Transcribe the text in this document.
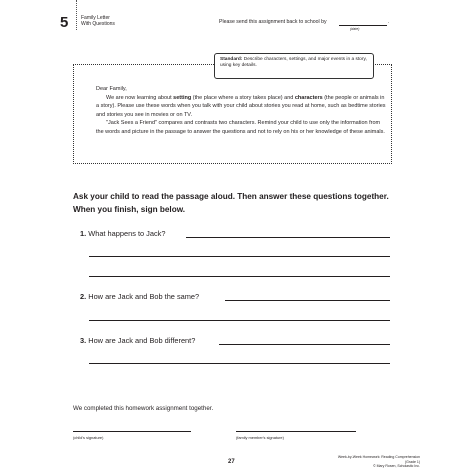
5	Family Letter
With Questions	Please send this assignment back to school by	.
(date)
Standard: Describe characters, settings, and major events in a story, using key details.

Dear Family,

We are now learning about setting (the place where a story takes place) and characters (the people or animals in a story). Please use these words when you talk with your child about stories you read at home, such as bedtime stories and stories you see in movies or on TV.

"Jack Sees a Friend" compares and contrasts two characters. Remind your child to use only the information from the words and picture in the passage to answer the questions and not to rely on his or her knowledge of these animals.

Ask your child to read the passage aloud. Then answer these questions together. When you finish, sign below.
1. What happens to Jack?
2. How are Jack and Bob the same?
3. How are Jack and Bob different?
We completed this homework assignment together.
(child's signature)	(family member's signature)
27
Week-by-Week Homework: Reading Comprehension (Grade 1)
© Mary Rosen, Scholastic Inc.
